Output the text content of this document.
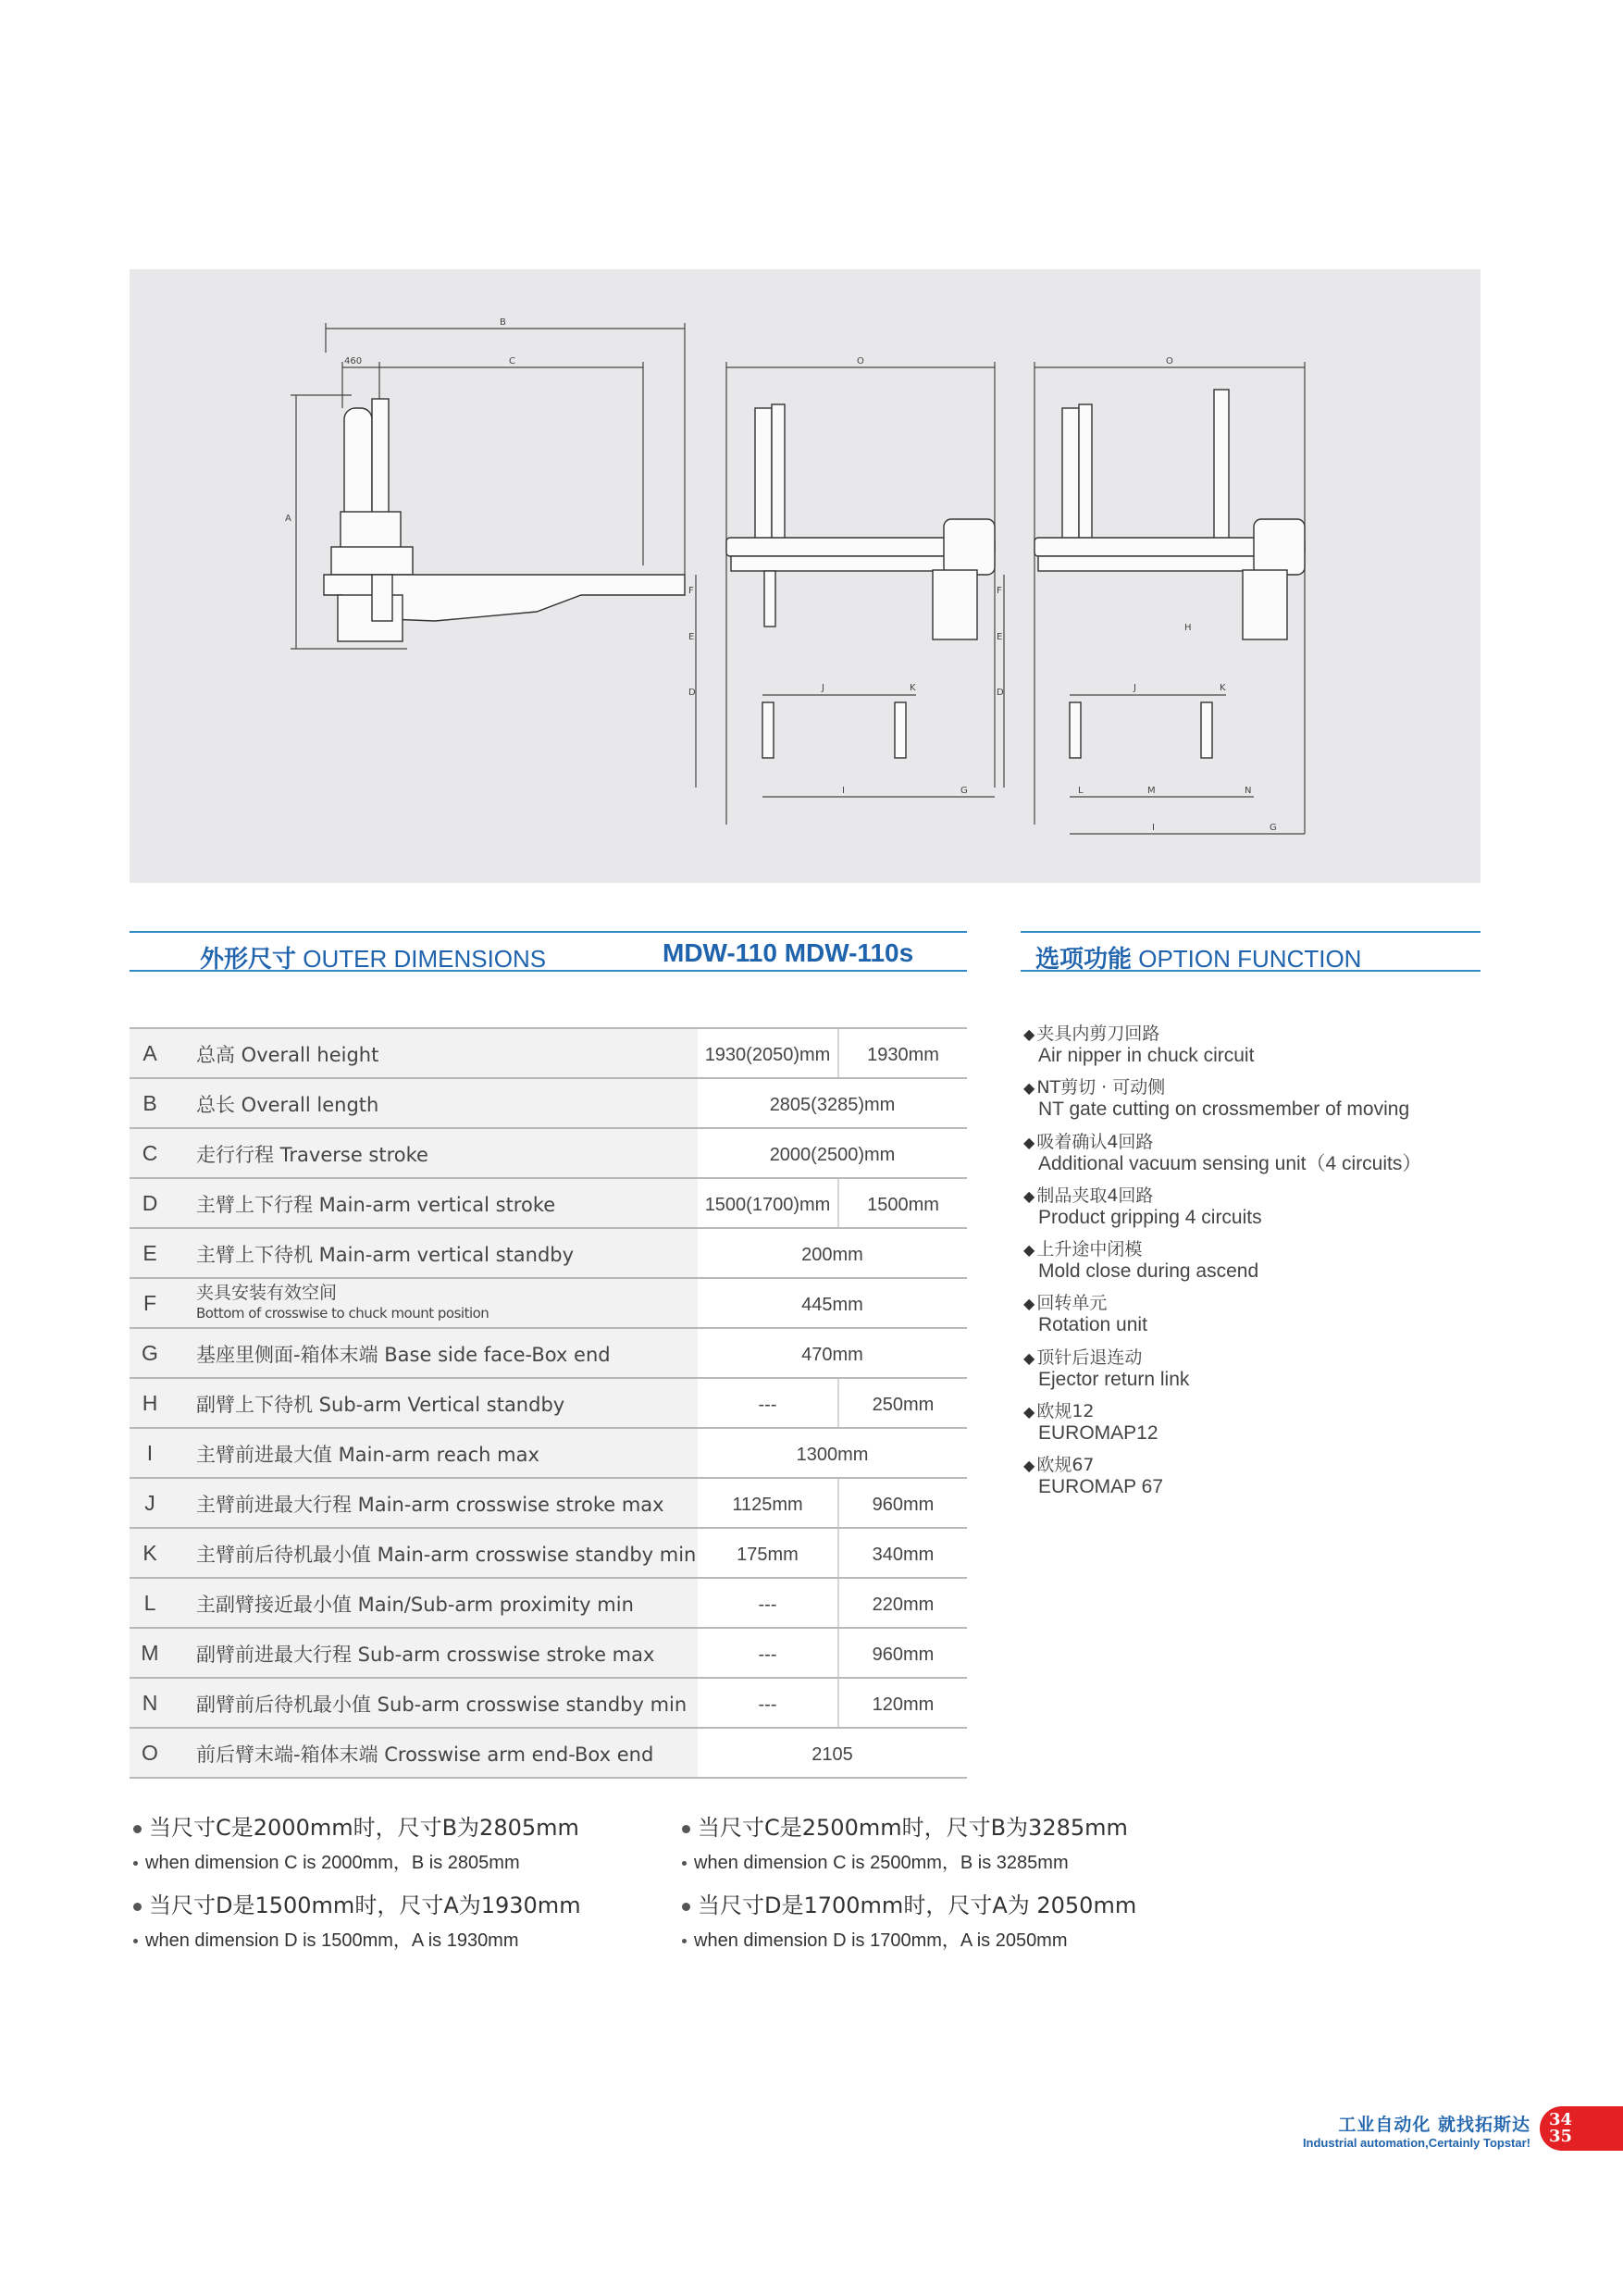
B
460	C
A
O
F
E
D	J	K
I	G
O
F
E
D
H
J	K
L	M	N
I	G
外形尺寸 OUTER DIMENSIONS	MDW-110 MDW-110s	选项功能 OPTION FUNCTION
A	总高 Overall height	1930(2050)mm	1930mm
B	总长 Overall length	2805(3285)mm
C	走行行程 Traverse stroke	2000(2500)mm
D	主臂上下行程 Main-arm vertical stroke	1500(1700)mm	1500mm
E	主臂上下待机 Main-arm vertical standby	200mm
F	夹具安装有效空间
Bottom of crosswise to chuck mount position	445mm
G	基座里侧面-箱体末端 Base side face-Box end	470mm
H	副臂上下待机 Sub-arm Vertical standby	---	250mm
I	主臂前进最大值 Main-arm reach max	1300mm
J	主臂前进最大行程 Main-arm crosswise stroke max	1125mm	960mm
K	主臂前后待机最小值 Main-arm crosswise standby min	175mm	340mm
L	主副臂接近最小值 Main/Sub-arm proximity min	---	220mm
M	副臂前进最大行程 Sub-arm crosswise stroke max	---	960mm
N	副臂前后待机最小值 Sub-arm crosswise standby min	---	120mm
O	前后臂末端-箱体末端 Crosswise arm end-Box end	2105
◆ 夹具内剪刀回路
Air nipper in chuck circuit
◆ NT剪切 · 可动侧
NT gate cutting on crossmember of moving
◆ 吸着确认4回路
Additional vacuum sensing unit（4 circuits）
◆ 制品夹取4回路
Product gripping 4 circuits
◆ 上升途中闭模
Mold close during ascend
◆ 回转单元
Rotation unit
◆ 顶针后退连动
Ejector return link
◆ 欧规12
EUROMAP12
◆ 欧规67
EUROMAP 67
当尺寸C是2000mm时，尺寸B为2805mm
when dimension C is 2000mm，B is 2805mm
当尺寸C是2500mm时，尺寸B为3285mm
when dimension C is 2500mm，B is 3285mm
当尺寸D是1500mm时，尺寸A为1930mm
when dimension D is 1500mm，A is 1930mm
当尺寸D是1700mm时，尺寸A为 2050mm
when dimension D is 1700mm，A is 2050mm
工业自动化 就找拓斯达
Industrial automation,Certainly Topstar!
34
35
